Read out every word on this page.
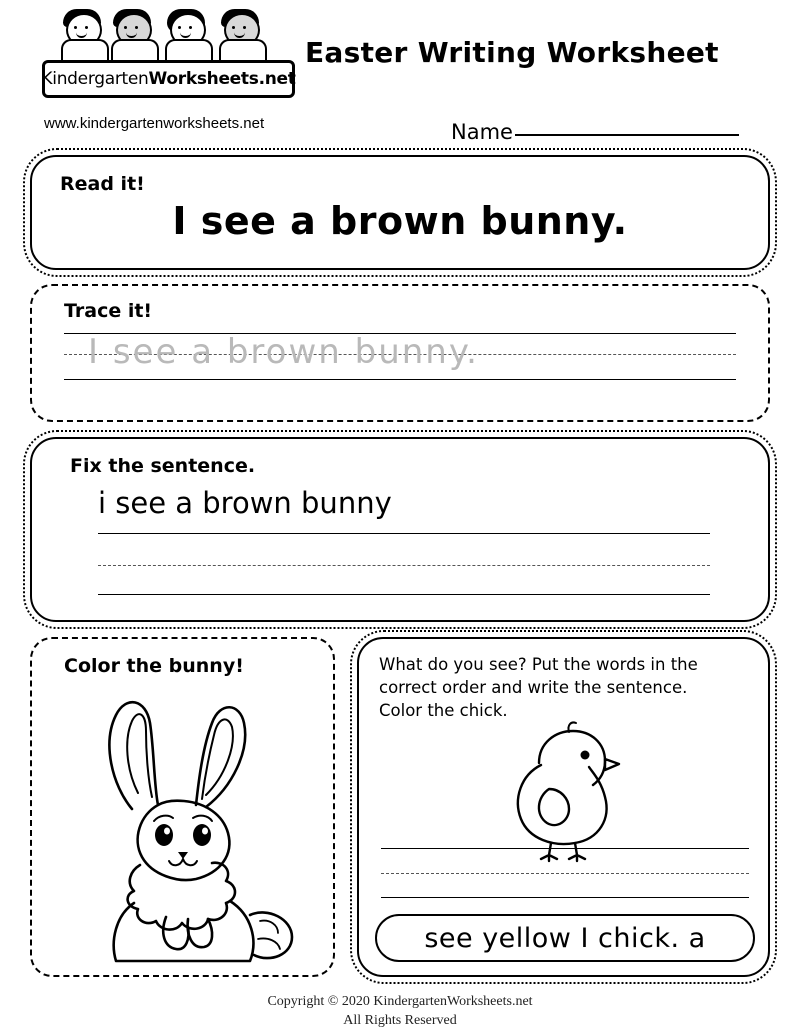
KindergartenWorksheets.net
www.kindergartenworksheets.net
Easter Writing Worksheet
Name
Read it!
I see a brown bunny.
Trace it!
I see a brown bunny.
Fix the sentence.
i see a brown bunny
Color the bunny!	What do you see? Put the words in the correct order and write the sentence. Color the chick.
see yellow I chick. a
Copyright © 2020 KindergartenWorksheets.net
All Rights Reserved
